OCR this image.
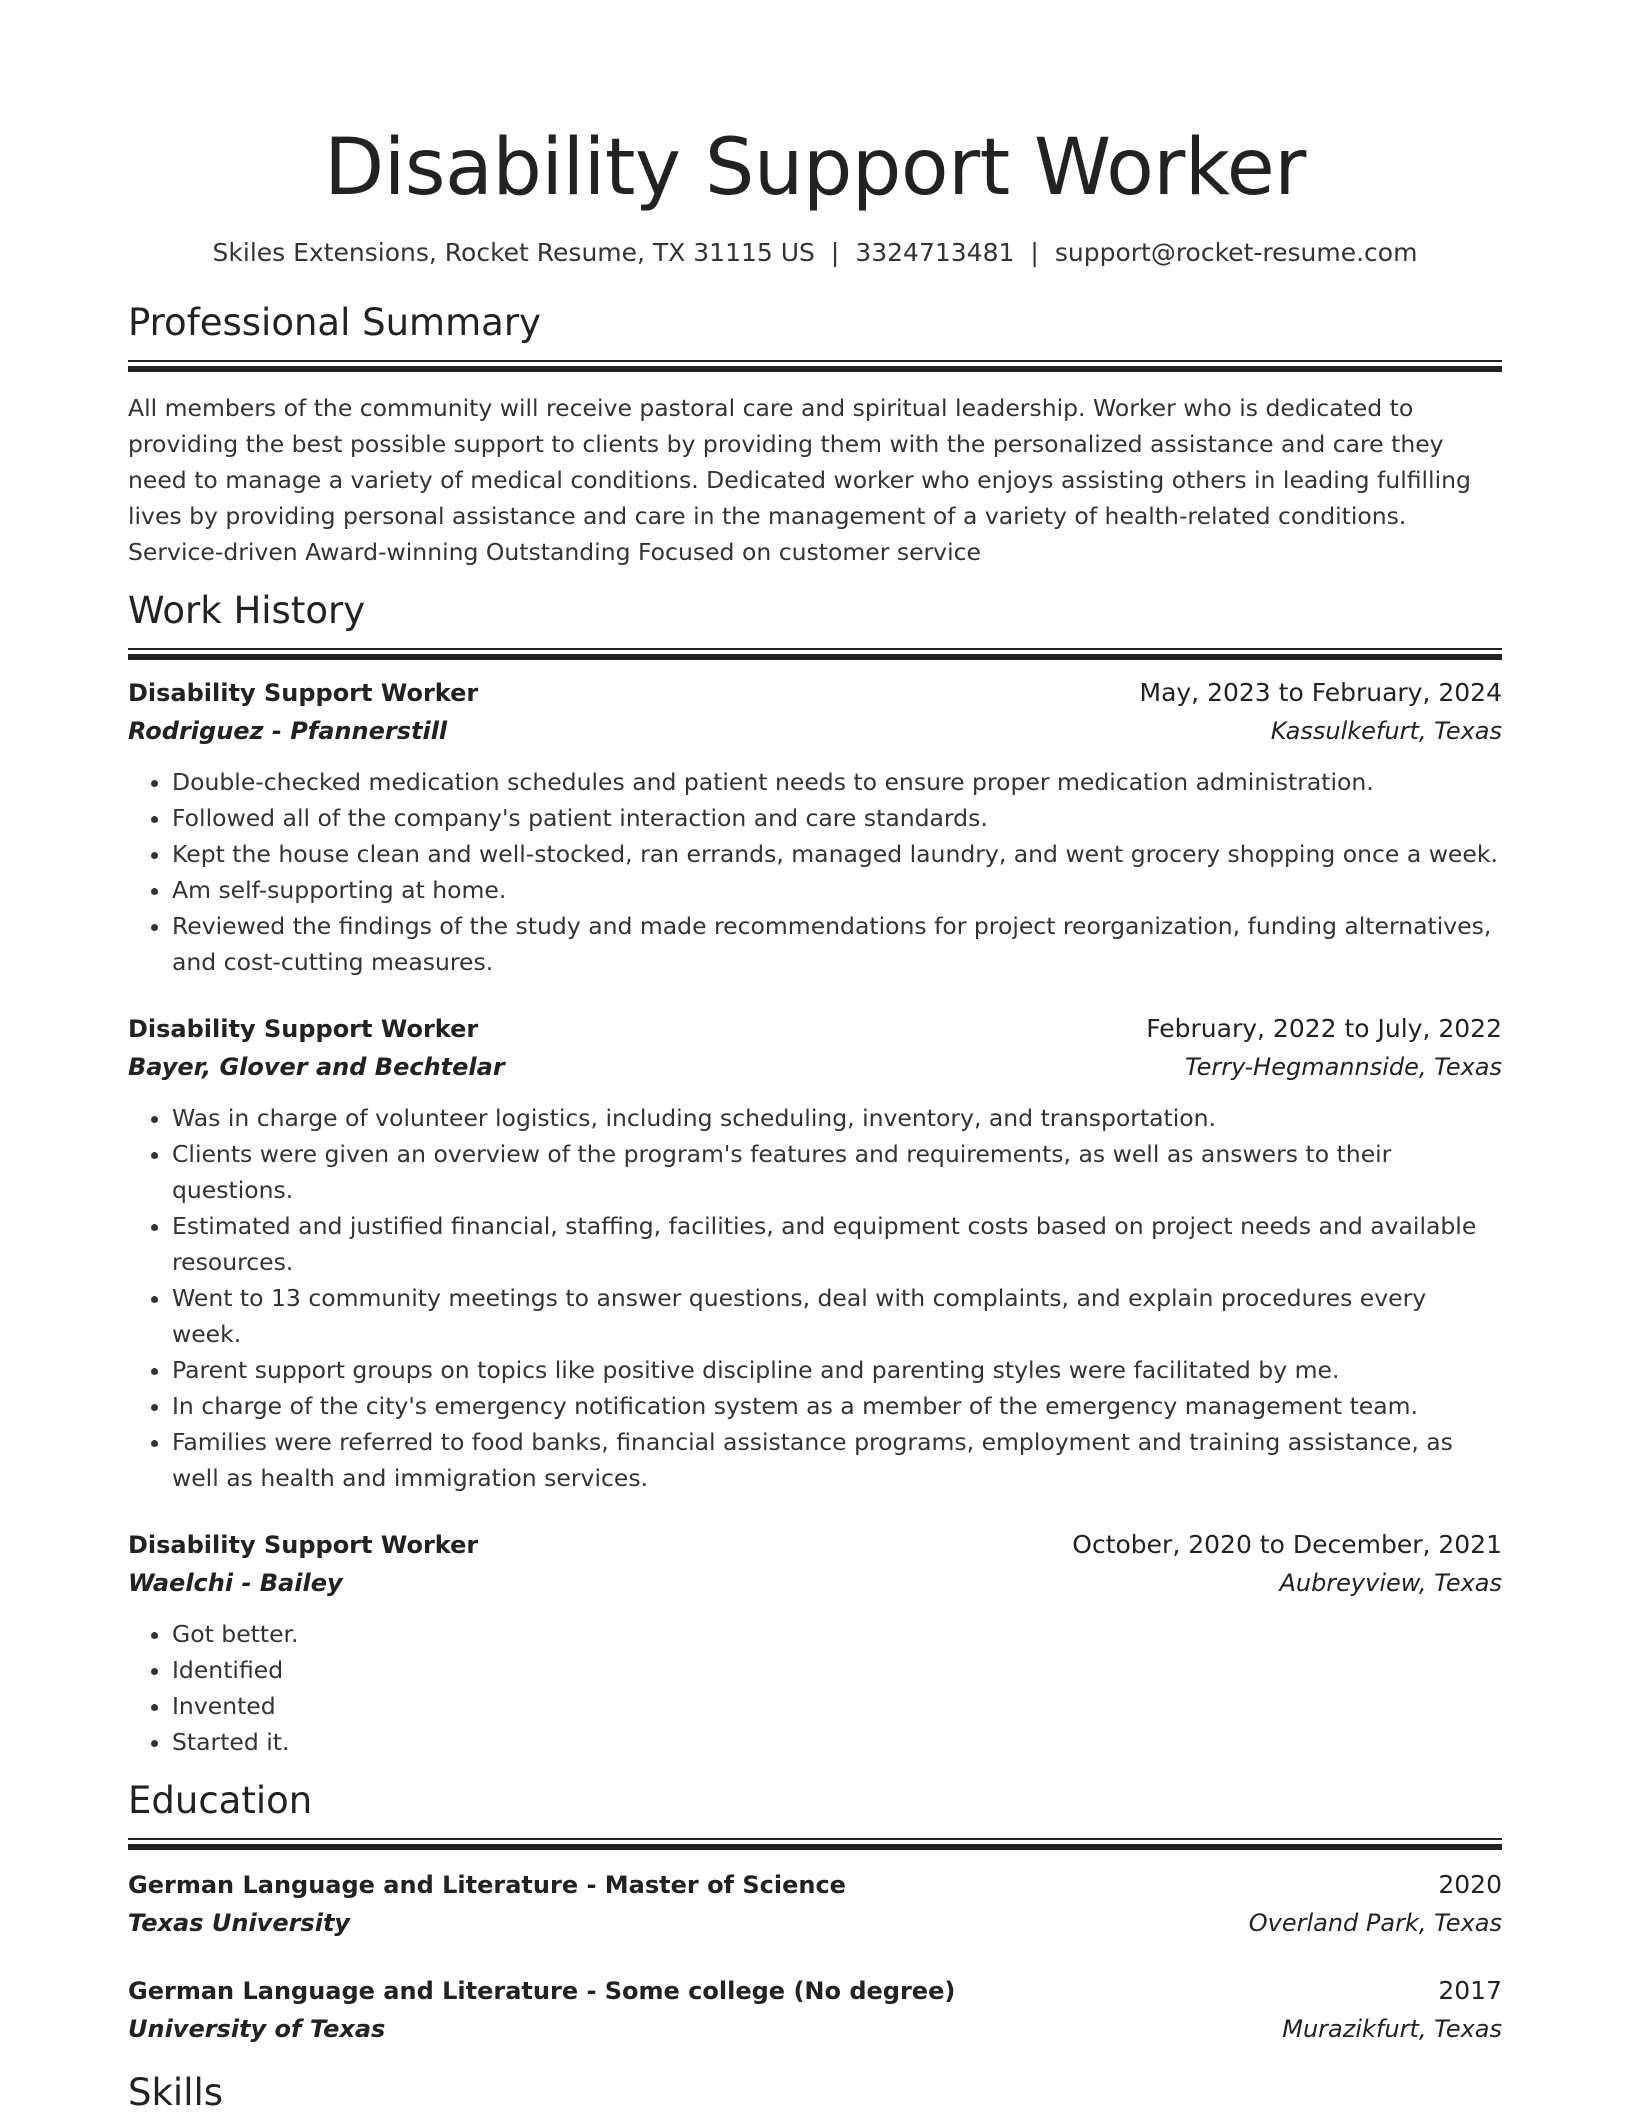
Disability Support Worker
Skiles Extensions, Rocket Resume, TX 31115 US | 3324713481 | support@rocket-resume.com
Professional Summary
All members of the community will receive pastoral care and spiritual leadership. Worker who is dedicated to providing the best possible support to clients by providing them with the personalized assistance and care they need to manage a variety of medical conditions. Dedicated worker who enjoys assisting others in leading fulfilling lives by providing personal assistance and care in the management of a variety of health-related conditions. Service-driven Award-winning Outstanding Focused on customer service
Work History
Disability Support Worker	May, 2023 to February, 2024
Rodriguez - Pfannerstill	Kassulkefurt, Texas
• Double-checked medication schedules and patient needs to ensure proper medication administration.
• Followed all of the company's patient interaction and care standards.
• Kept the house clean and well-stocked, ran errands, managed laundry, and went grocery shopping once a week.
• Am self-supporting at home.
• Reviewed the findings of the study and made recommendations for project reorganization, funding alternatives, and cost-cutting measures.
Disability Support Worker	February, 2022 to July, 2022
Bayer, Glover and Bechtelar	Terry-Hegmannside, Texas
• Was in charge of volunteer logistics, including scheduling, inventory, and transportation.
• Clients were given an overview of the program's features and requirements, as well as answers to their questions.
• Estimated and justified financial, staffing, facilities, and equipment costs based on project needs and available resources.
• Went to 13 community meetings to answer questions, deal with complaints, and explain procedures every week.
• Parent support groups on topics like positive discipline and parenting styles were facilitated by me.
• In charge of the city's emergency notification system as a member of the emergency management team.
• Families were referred to food banks, financial assistance programs, employment and training assistance, as well as health and immigration services.
Disability Support Worker	October, 2020 to December, 2021
Waelchi - Bailey	Aubreyview, Texas
• Got better.
• Identified
• Invented
• Started it.
Education
German Language and Literature - Master of Science	2020
Texas University	Overland Park, Texas
German Language and Literature - Some college (No degree)	2017
University of Texas	Murazikfurt, Texas
Skills
